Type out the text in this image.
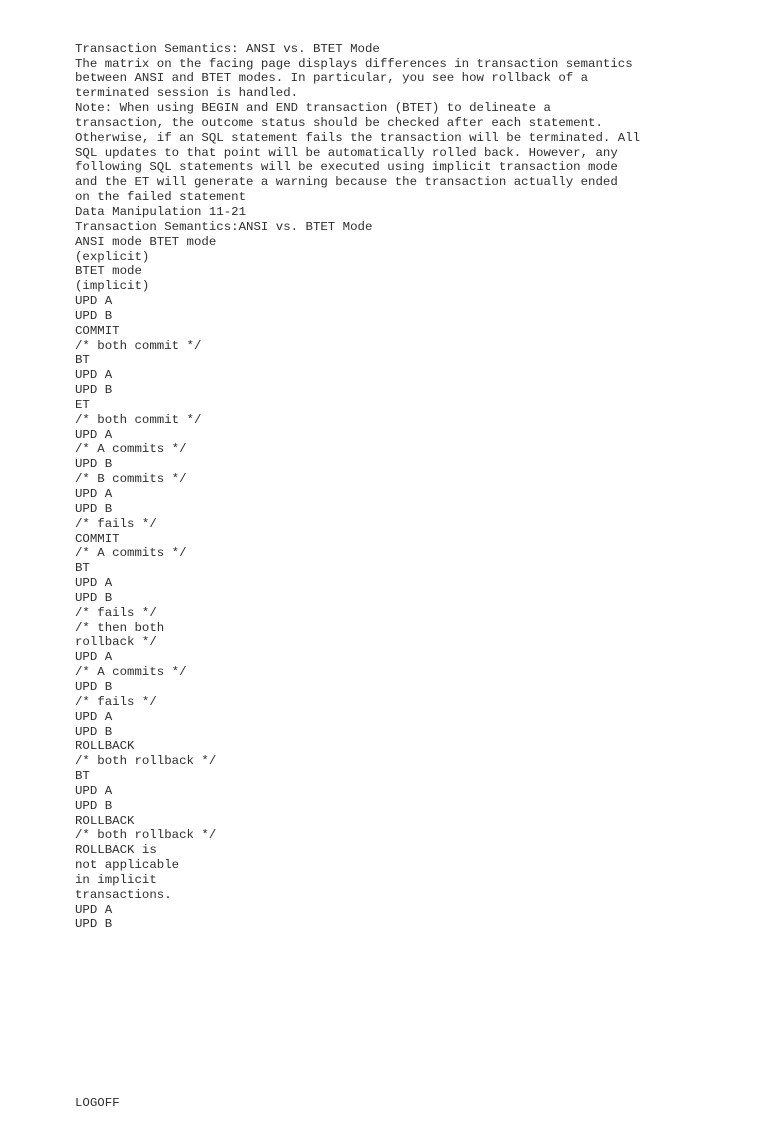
Transaction Semantics: ANSI vs. BTET Mode
The matrix on the facing page displays differences in transaction semantics
between ANSI and BTET modes. In particular, you see how rollback of a
terminated session is handled.
Note: When using BEGIN and END transaction (BTET) to delineate a
transaction, the outcome status should be checked after each statement.
Otherwise, if an SQL statement fails the transaction will be terminated. All
SQL updates to that point will be automatically rolled back. However, any
following SQL statements will be executed using implicit transaction mode
and the ET will generate a warning because the transaction actually ended
on the failed statement
Data Manipulation 11-21
Transaction Semantics:ANSI vs. BTET Mode
ANSI mode BTET mode
(explicit)
BTET mode
(implicit)
UPD A
UPD B
COMMIT
/* both commit */
BT
UPD A
UPD B
ET
/* both commit */
UPD A
/* A commits */
UPD B
/* B commits */
UPD A
UPD B
/* fails */
COMMIT
/* A commits */
BT
UPD A
UPD B
/* fails */
/* then both
rollback */
UPD A
/* A commits */
UPD B
/* fails */
UPD A
UPD B
ROLLBACK
/* both rollback */
BT
UPD A
UPD B
ROLLBACK
/* both rollback */
ROLLBACK is
not applicable
in implicit
transactions.
UPD A
UPD B

LOGOFF
